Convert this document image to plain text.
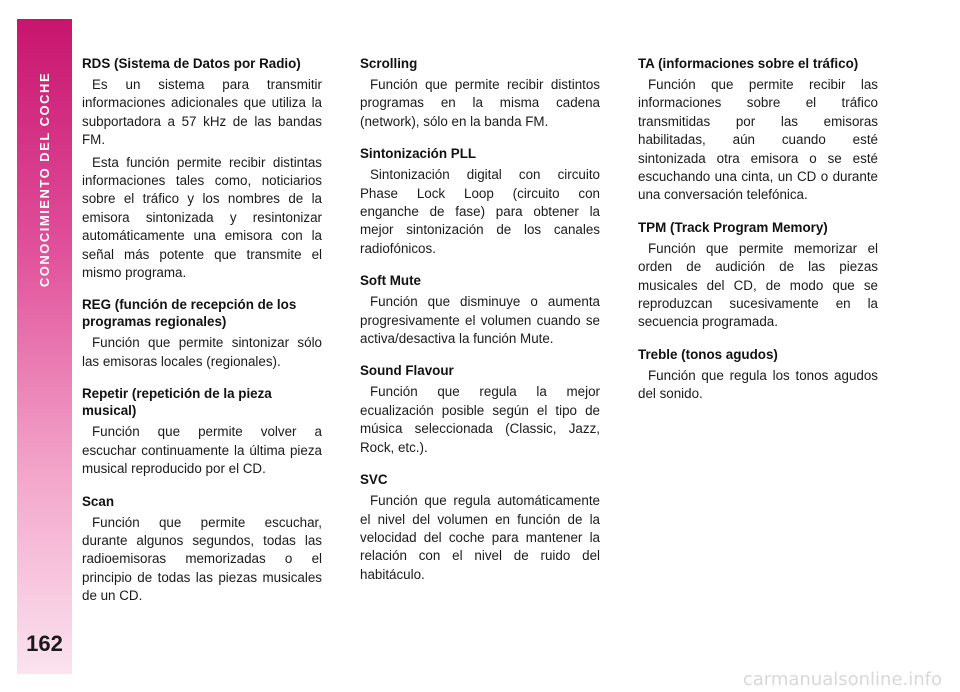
CONOCIMIENTO DEL COCHE
162
RDS (Sistema de Datos por Radio)

Es un sistema para transmitir informaciones adicionales que utiliza la subportadora a 57 kHz de las bandas FM.

Esta función permite recibir distintas informaciones tales como, noticiarios sobre el tráfico y los nombres de la emisora sintonizada y resintonizar automáticamente una emisora con la señal más potente que transmite el mismo programa.

REG (función de recepción de los programas regionales)

Función que permite sintonizar sólo las emisoras locales (regionales).

Repetir (repetición de la pieza musical)

Función que permite volver a escuchar continuamente la última pieza musical reproducido por el CD.

Scan

Función que permite escuchar, durante algunos segundos, todas las radioemisoras memorizadas o el principio de todas las piezas musicales de un CD.

Scrolling

Función que permite recibir distintos programas en la misma cadena (network), sólo en la banda FM.

Sintonización PLL

Sintonización digital con circuito Phase Lock Loop (circuito con enganche de fase) para obtener la mejor sintonización de los canales radiofónicos.

Soft Mute

Función que disminuye o aumenta progresivamente el volumen cuando se activa/desactiva la función Mute.

Sound Flavour

Función que regula la mejor ecualización posible según el tipo de música seleccionada (Classic, Jazz, Rock, etc.).

SVC

Función que regula automáticamente el nivel del volumen en función de la velocidad del coche para mantener la relación con el nivel de ruido del habitáculo.

TA (informaciones sobre el tráfico)

Función que permite recibir las informaciones sobre el tráfico transmitidas por las emisoras habilitadas, aún cuando esté sintonizada otra emisora o se esté escuchando una cinta, un CD o durante una conversación telefónica.

TPM (Track Program Memory)

Función que permite memorizar el orden de audición de las piezas musicales del CD, de modo que se reproduzcan sucesivamente en la secuencia programada.

Treble (tonos agudos)

Función que regula los tonos agudos del sonido.

carmanualsonline.info
